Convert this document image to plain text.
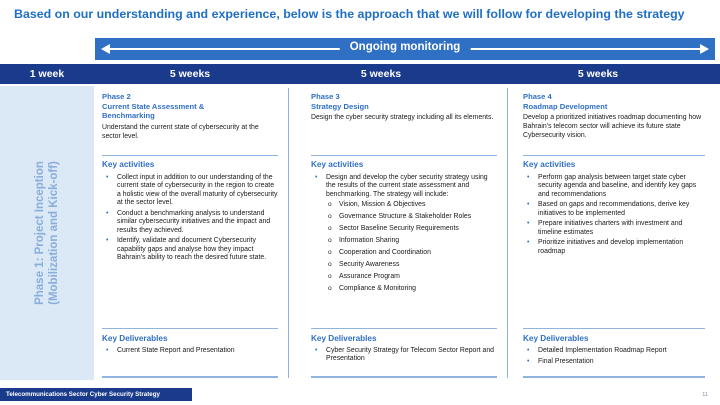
Based on our understanding and experience, below is the approach that we will follow for developing the strategy
Ongoing monitoring
1 week	5 weeks	5 weeks	5 weeks
Phase 1: Project Inception (Mobilization and Kick-off)
Phase 2
Current State Assessment &
Benchmarking
Understand the current state of cybersecurity at the sector level.
Key activities
• Collect input in addition to our understanding of the current state of cybersecurity in the region to create a holistic view of the overall maturity of cybersecurity at the sector level.
• Conduct a benchmarking analysis to understand similar cybersecurity initiatives and the impact and results they achieved.
• Identify, validate and document Cybersecurity capability gaps and analyse how they impact Bahrain's ability to reach the desired future state.
Key Deliverables
• Current State Report and Presentation
Phase 3
Strategy Design
Design the cyber security strategy including all its elements.
Key activities
• Design and develop the cyber security strategy using the results of the current state assessment and benchmarking. The strategy will include:
o Vision, Mission & Objectives
o Governance Structure & Stakeholder Roles
o Sector Baseline Security Requirements
o Information Sharing
o Cooperation and Coordination
o Security Awareness
o Assurance Program
o Compliance & Monitoring
Key Deliverables
• Cyber Security Strategy for Telecom Sector Report and Presentation
Phase 4
Roadmap Development
Develop a prioritized initiatives roadmap documenting how Bahrain's telecom sector will achieve its future state Cybersecurity vision.
Key activities
• Perform gap analysis between target state cyber security agenda and baseline, and identify key gaps and recommendations
• Based on gaps and recommendations, derive key initiatives to be implemented
• Prepare initiatives charters with investment and timeline estimates
• Prioritize initiatives and develop implementation roadmap
Key Deliverables
• Detailed Implementation Roadmap Report
• Final Presentation
Telecommunications Sector Cyber Security Strategy	11
